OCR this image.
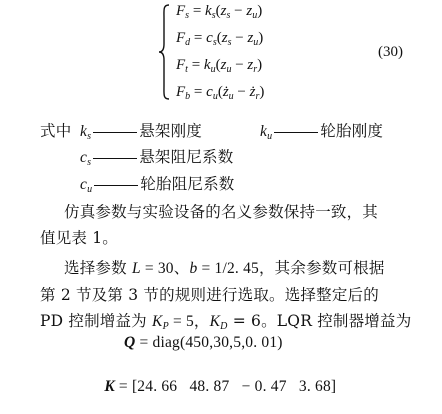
$F_s = k_s(z_s - z_u)$
$F_d = c_s(z_s - z_u)$
$F_t = k_u(z_u - z_r)$
$F_b$ = $c_u(ż_u$ − $ż_r$)
(30)
式中 $k_s$	悬架刚度	$k_u$	轮胎刚度
$c_s$	悬架阻尼系数
$c_u$	轮胎阻尼系数
仿真参数与实验设备的名义参数保持一致，其
值见表 1。
选择参数 L = 30、b = 1/2. 45，其余参数可根据
第 2 节及第 3 节的规则进行选取。选择整定后的
PD 控制增益为 $K_P = 5$，$K_D = 6$。LQR 控制器增益为
Q = diag(450,30,5,0. 01)

K = [24. 66   48. 87   − 0. 47   3. 68]
